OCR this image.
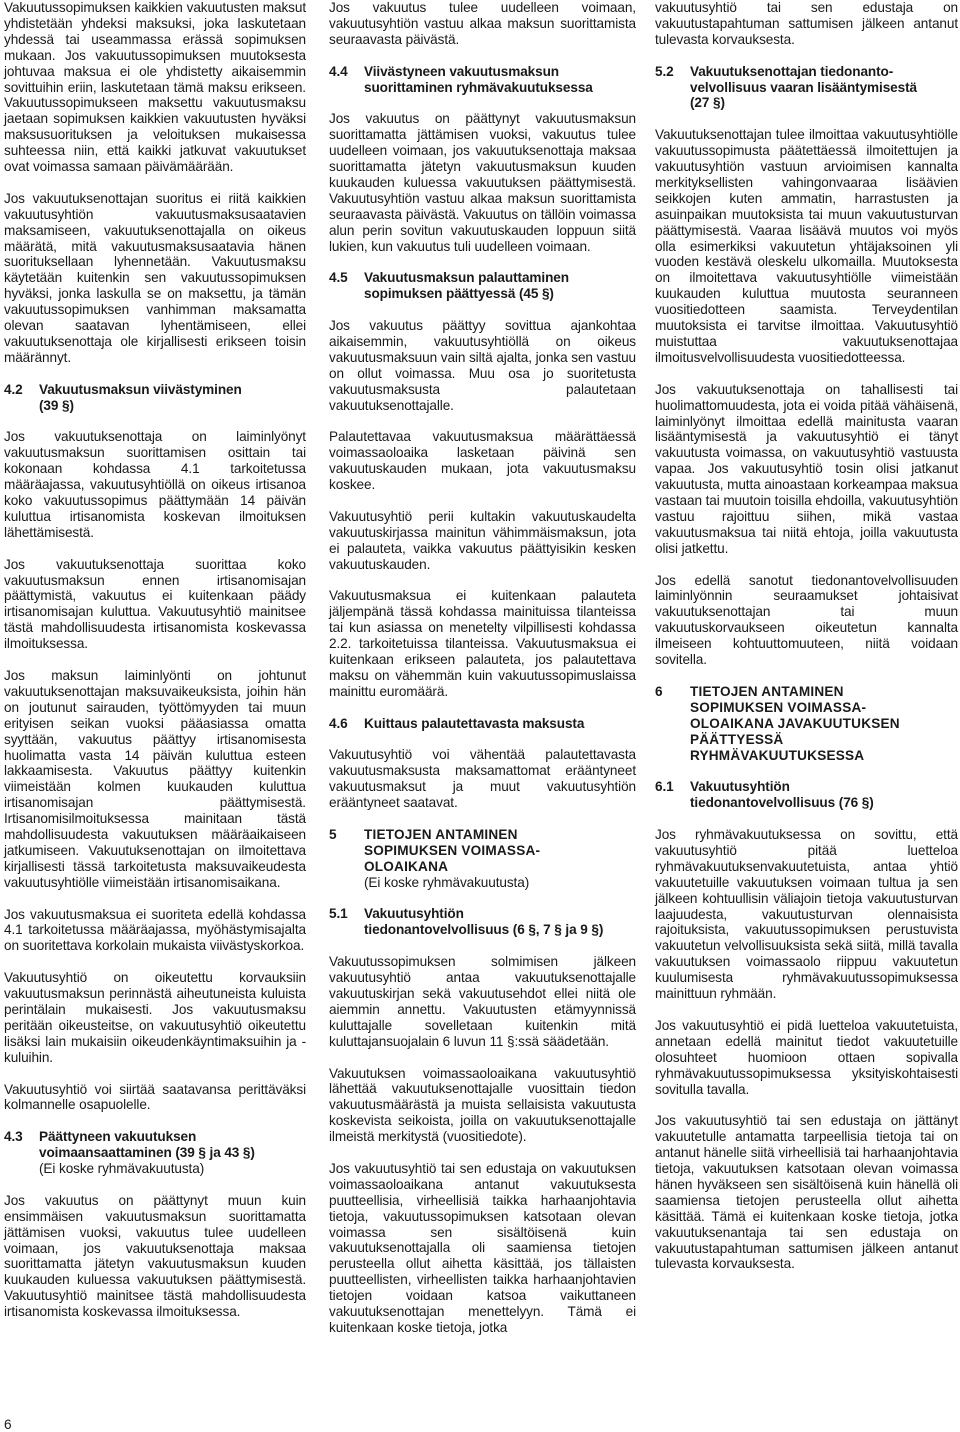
Vakuutussopimuksen kaikkien vakuutusten maksut yhdistetään yhdeksi maksuksi, joka laskutetaan yhdessä tai useammassa erässä sopimuksen mukaan. Jos vakuutussopimuksen muutoksesta johtuvaa maksua ei ole yhdistetty aikaisemmin sovittuihin eriin, laskutetaan tämä maksu erikseen. Vakuutussopimukseen maksettu vakuutusmaksu jaetaan sopimuksen kaikkien vakuutusten hyväksi maksusuorituksen ja veloituksen mukaisessa suhteessa niin, että kaikki jatkuvat vakuutukset ovat voimassa samaan päivämäärään.

Jos vakuutuksenottajan suoritus ei riitä kaikkien vakuutusyhtiön vakuutusmaksusaatavien maksamiseen, vakuutuksenottajalla on oikeus määrätä, mitä vakuutusmaksusaatavia hänen suorituksellaan lyhennetään. Vakuutusmaksu käytetään kuitenkin sen vakuutussopimuksen hyväksi, jonka laskulla se on maksettu, ja tämän vakuutussopimuksen vanhimman maksamatta olevan saatavan lyhentämiseen, ellei vakuutuksenottaja ole kirjallisesti erikseen toisin määrännyt.

4.2	Vakuutusmaksun viivästyminen
(39 §)

Jos vakuutuksenottaja on laiminlyönyt vakuutusmaksun suorittamisen osittain tai kokonaan kohdassa 4.1 tarkoitetussa määräajassa, vakuutusyhtiöllä on oikeus irtisanoa koko vakuutussopimus päättymään 14 päivän kuluttua irtisanomista koskevan ilmoituksen lähettämisestä.

Jos vakuutuksenottaja suorittaa koko vakuutusmaksun ennen irtisanomisajan päättymistä, vakuutus ei kuitenkaan päädy irtisanomisajan kuluttua. Vakuutusyhtiö mainitsee tästä mahdollisuudesta irtisanomista koskevassa ilmoituksessa.

Jos maksun laiminlyönti on johtunut vakuutuksenottajan maksuvaikeuksista, joihin hän on joutunut sairauden, työttömyyden tai muun erityisen seikan vuoksi pääasiassa omatta syyttään, vakuutus päättyy irtisanomisesta huolimatta vasta 14 päivän kuluttua esteen lakkaamisesta. Vakuutus päättyy kuitenkin viimeistään kolmen kuukauden kuluttua irtisanomisajan päättymisestä. Irtisanomisilmoituksessa mainitaan tästä mahdollisuudesta vakuutuksen määräaikaiseen jatkumiseen. Vakuutuksenottajan on ilmoitettava kirjallisesti tässä tarkoitetusta maksuvaikeudesta vakuutusyhtiölle viimeistään irtisanomisaikana.

Jos vakuutusmaksua ei suoriteta edellä kohdassa 4.1 tarkoitetussa määräajassa, myöhästymisajalta on suoritettava korkolain mukaista viivästyskorkoa.

Vakuutusyhtiö on oikeutettu korvauksiin vakuutusmaksun perinnästä aiheutuneista kuluista perintälain mukaisesti. Jos vakuutusmaksu peritään oikeusteitse, on vakuutusyhtiö oikeutettu lisäksi lain mukaisiin oikeudenkäyntimaksuihin ja -kuluihin.

Vakuutusyhtiö voi siirtää saatavansa perittäväksi kolmannelle osapuolelle.

4.3	Päättyneen vakuutuksen
voimaansaattaminen (39 § ja 43 §)
(Ei koske ryhmävakuutusta)

Jos vakuutus on päättynyt muun kuin ensimmäisen vakuutusmaksun suorittamatta jättämisen vuoksi, vakuutus tulee uudelleen voimaan, jos vakuutuksenottaja maksaa suorittamatta jätetyn vakuutusmaksun kuuden kuukauden kuluessa vakuutuksen päättymisestä. Vakuutusyhtiö mainitsee tästä mahdollisuudesta irtisanomista koskevassa ilmoituksessa.

Jos vakuutus tulee uudelleen voimaan, vakuutusyhtiön vastuu alkaa maksun suorittamista seuraavasta päivästä.

4.4	Viivästyneen vakuutusmaksun
suorittaminen ryhmävakuutuksessa

Jos vakuutus on päättynyt vakuutusmaksun suorittamatta jättämisen vuoksi, vakuutus tulee uudelleen voimaan, jos vakuutuksenottaja maksaa suorittamatta jätetyn vakuutusmaksun kuuden kuukauden kuluessa vakuutuksen päättymisestä. Vakuutusyhtiön vastuu alkaa maksun suorittamista seuraavasta päivästä. Vakuutus on tällöin voimassa alun perin sovitun vakuutuskauden loppuun siitä lukien, kun vakuutus tuli uudelleen voimaan.

4.5	Vakuutusmaksun palauttaminen
sopimuksen päättyessä (45 §)

Jos vakuutus päättyy sovittua ajankohtaa aikaisemmin, vakuutusyhtiöllä on oikeus vakuutusmaksuun vain siltä ajalta, jonka sen vastuu on ollut voimassa. Muu osa jo suoritetusta vakuutusmaksusta palautetaan vakuutuksenottajalle.

Palautettavaa vakuutusmaksua määrättäessä voimassaoloaika lasketaan päivinä sen vakuutuskauden mukaan, jota vakuutusmaksu koskee.

Vakuutusyhtiö perii kultakin vakuutuskaudelta vakuutuskirjassa mainitun vähimmäismaksun, jota ei palauteta, vaikka vakuutus päättyisikin kesken vakuutuskauden.

Vakuutusmaksua ei kuitenkaan palauteta jäljempänä tässä kohdassa mainituissa tilanteissa tai kun asiassa on menetelty vilpillisesti kohdassa 2.2. tarkoitetuissa tilanteissa. Vakuutusmaksua ei kuitenkaan erikseen palauteta, jos palautettava maksu on vähemmän kuin vakuutussopimuslaissa mainittu euromäärä.

4.6	Kuittaus palautettavasta maksusta

Vakuutusyhtiö voi vähentää palautettavasta vakuutusmaksusta maksamattomat erääntyneet vakuutusmaksut ja muut vakuutusyhtiön erääntyneet saatavat.

5	TIETOJEN ANTAMINEN
SOPIMUKSEN VOIMASSA-
OLOAIKANA
(Ei koske ryhmävakuutusta)
5.1	Vakuutusyhtiön
tiedonantovelvollisuus (6 §, 7 § ja 9 §)

Vakuutussopimuksen solmimisen jälkeen vakuutusyhtiö antaa vakuutuksenottajalle vakuutuskirjan sekä vakuutusehdot ellei niitä ole aiemmin annettu. Vakuutusten etämyynnissä kuluttajalle sovelletaan kuitenkin mitä kuluttajansuojalain 6 luvun 11 §:ssä säädetään.

Vakuutuksen voimassaoloaikana vakuutusyhtiö lähettää vakuutuksenottajalle vuosittain tiedon vakuutusmäärästä ja muista sellaisista vakuutusta koskevista seikoista, joilla on vakuutuksenottajalle ilmeistä merkitystä (vuositiedote).

Jos vakuutusyhtiö tai sen edustaja on vakuutuksen voimassaoloaikana antanut vakuutuksesta puutteellisia, virheellisiä taikka harhaanjohtavia tietoja, vakuutussopimuksen katsotaan olevan voimassa sen sisältöisenä kuin vakuutuksenottajalla oli saamiensa tietojen perusteella ollut aihetta käsittää, jos tällaisten puutteellisten, virheellisten taikka harhaanjohtavien tietojen voidaan katsoa vaikuttaneen vakuutuksenottajan menettelyyn. Tämä ei kuitenkaan koske tietoja, jotka

vakuutusyhtiö tai sen edustaja on vakuutustapahtuman sattumisen jälkeen antanut tulevasta korvauksesta.

5.2	Vakuutuksenottajan tiedonanto-
velvollisuus vaaran lisääntymisestä
(27 §)

Vakuutuksenottajan tulee ilmoittaa vakuutusyhtiölle vakuutussopimusta päätettäessä ilmoitettujen ja vakuutusyhtiön vastuun arvioimisen kannalta merkityksellisten vahingonvaaraa lisäävien seikkojen kuten ammatin, harrastusten ja asuinpaikan muutoksista tai muun vakuutusturvan päättymisestä. Vaaraa lisäävä muutos voi myös olla esimerkiksi vakuutetun yhtäjaksoinen yli vuoden kestävä oleskelu ulkomailla. Muutoksesta on ilmoitettava vakuutusyhtiölle viimeistään kuukauden kuluttua muutosta seuranneen vuositiedotteen saamista. Terveydentilan muutoksista ei tarvitse ilmoittaa. Vakuutusyhtiö muistuttaa vakuutuksenottajaa ilmoitusvelvollisuudesta vuositiedotteessa.

Jos vakuutuksenottaja on tahallisesti tai huolimattomuudesta, jota ei voida pitää vähäisenä, laiminlyönyt ilmoittaa edellä mainitusta vaaran lisääntymisestä ja vakuutusyhtiö ei tänyt vakuutusta voimassa, on vakuutusyhtiö vastuusta vapaa. Jos vakuutusyhtiö tosin olisi jatkanut vakuutusta, mutta ainoastaan korkeampaa maksua vastaan tai muutoin toisilla ehdoilla, vakuutusyhtiön vastuu rajoittuu siihen, mikä vastaa vakuutusmaksua tai niitä ehtoja, joilla vakuutusta olisi jatkettu.

Jos edellä sanotut tiedonantovelvollisuuden laiminlyönnin seuraamukset johtaisivat vakuutuksenottajan tai muun vakuutuskorvaukseen oikeutetun kannalta ilmeiseen kohtuuttomuuteen, niitä voidaan sovitella.

6	TIETOJEN ANTAMINEN
SOPIMUKSEN VOIMASSA-
OLOAIKANA JAVAKUUTUKSEN
PÄÄTTYESSÄ
RYHMÄVAKUUTUKSESSA
6.1	Vakuutusyhtiön
tiedonantovelvollisuus (76 §)

Jos ryhmävakuutuksessa on sovittu, että vakuutusyhtiö pitää luetteloa ryhmävakuutuksenvakuutetuista, antaa yhtiö vakuutetuille vakuutuksen voimaan tultua ja sen jälkeen kohtuullisin väliajoin tietoja vakuutusturvan laajuudesta, vakuutusturvan olennaisista rajoituksista, vakuutussopimuksen perustuvista vakuutetun velvollisuuksista sekä siitä, millä tavalla vakuutuksen voimassaolo riippuu vakuutetun kuulumisesta ryhmävakuutussopimuksessa mainittuun ryhmään.

Jos vakuutusyhtiö ei pidä luetteloa vakuutetuista, annetaan edellä mainitut tiedot vakuutetuille olosuhteet huomioon ottaen sopivalla ryhmävakuutussopimuksessa yksityiskohtaisesti sovitulla tavalla.

Jos vakuutusyhtiö tai sen edustaja on jättänyt vakuutetulle antamatta tarpeellisia tietoja tai on antanut hänelle siitä virheellisiä tai harhaanjohtavia tietoja, vakuutuksen katsotaan olevan voimassa hänen hyväkseen sen sisältöisenä kuin hänellä oli saamiensa tietojen perusteella ollut aihetta käsittää. Tämä ei kuitenkaan koske tietoja, jotka vakuutuksenantaja tai sen edustaja on vakuutustapahtuman sattumisen jälkeen antanut tulevasta korvauksesta.

6
